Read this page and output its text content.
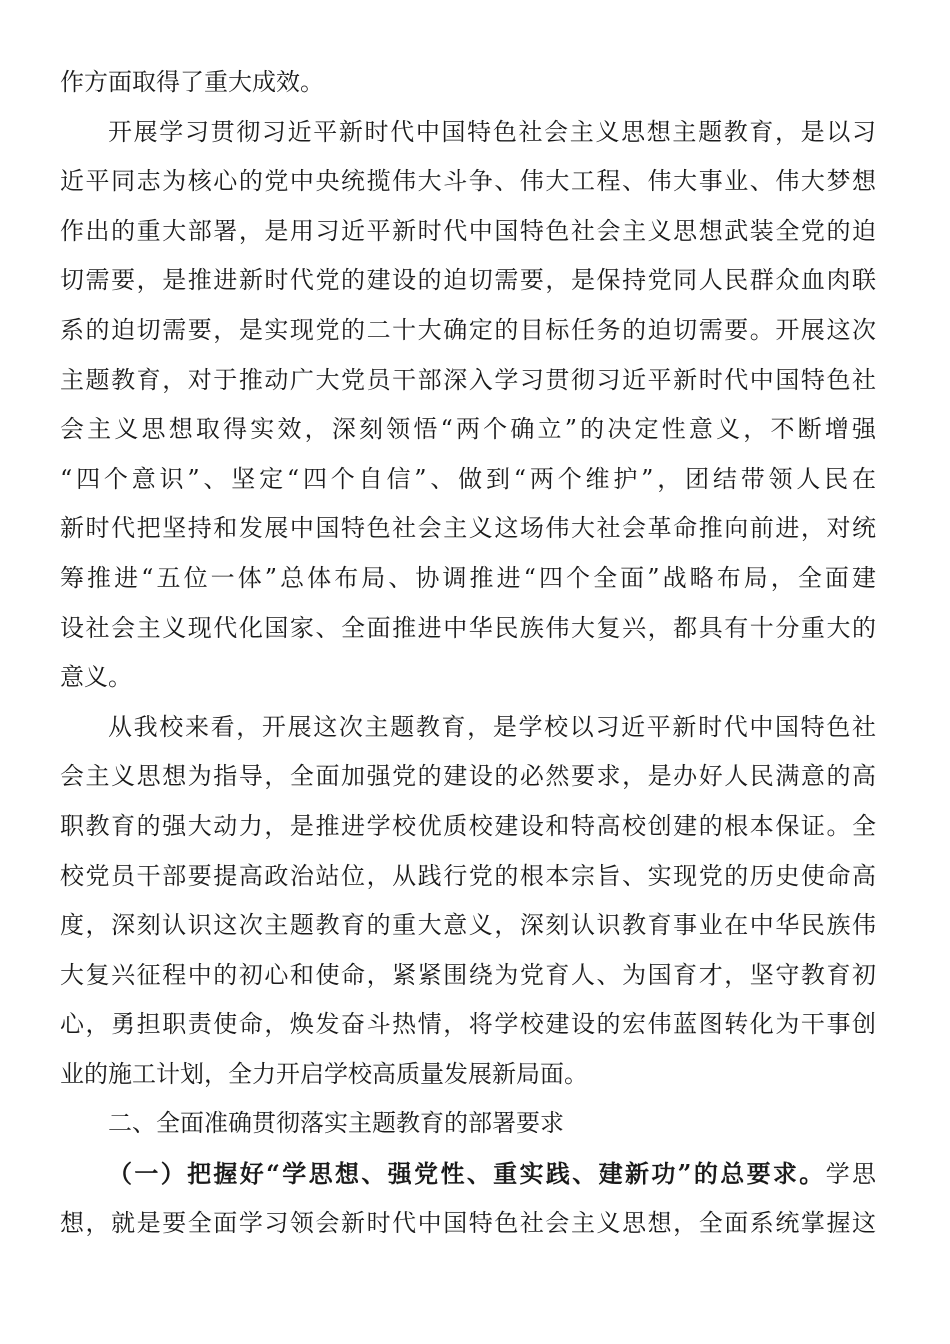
作方面取得了重大成效。
开展学习贯彻习近平新时代中国特色社会主义思想主题教育，是以习
近平同志为核心的党中央统揽伟大斗争、伟大工程、伟大事业、伟大梦想
作出的重大部署，是用习近平新时代中国特色社会主义思想武装全党的迫
切需要，是推进新时代党的建设的迫切需要，是保持党同人民群众血肉联
系的迫切需要，是实现党的二十大确定的目标任务的迫切需要。开展这次
主题教育，对于推动广大党员干部深入学习贯彻习近平新时代中国特色社
会主义思想取得实效，深刻领悟“两个确立”的决定性意义，不断增强
“四个意识”、坚定“四个自信”、做到“两个维护”，团结带领人民在
新时代把坚持和发展中国特色社会主义这场伟大社会革命推向前进，对统
筹推进“五位一体”总体布局、协调推进“四个全面”战略布局，全面建
设社会主义现代化国家、全面推进中华民族伟大复兴，都具有十分重大的
意义。
从我校来看，开展这次主题教育，是学校以习近平新时代中国特色社
会主义思想为指导，全面加强党的建设的必然要求，是办好人民满意的高
职教育的强大动力，是推进学校优质校建设和特高校创建的根本保证。全
校党员干部要提高政治站位，从践行党的根本宗旨、实现党的历史使命高
度，深刻认识这次主题教育的重大意义，深刻认识教育事业在中华民族伟
大复兴征程中的初心和使命，紧紧围绕为党育人、为国育才，坚守教育初
心，勇担职责使命，焕发奋斗热情，将学校建设的宏伟蓝图转化为干事创
业的施工计划，全力开启学校高质量发展新局面。
二、全面准确贯彻落实主题教育的部署要求
（一）把握好“学思想、强党性、重实践、建新功”的总要求。学思
想，就是要全面学习领会新时代中国特色社会主义思想，全面系统掌握这
